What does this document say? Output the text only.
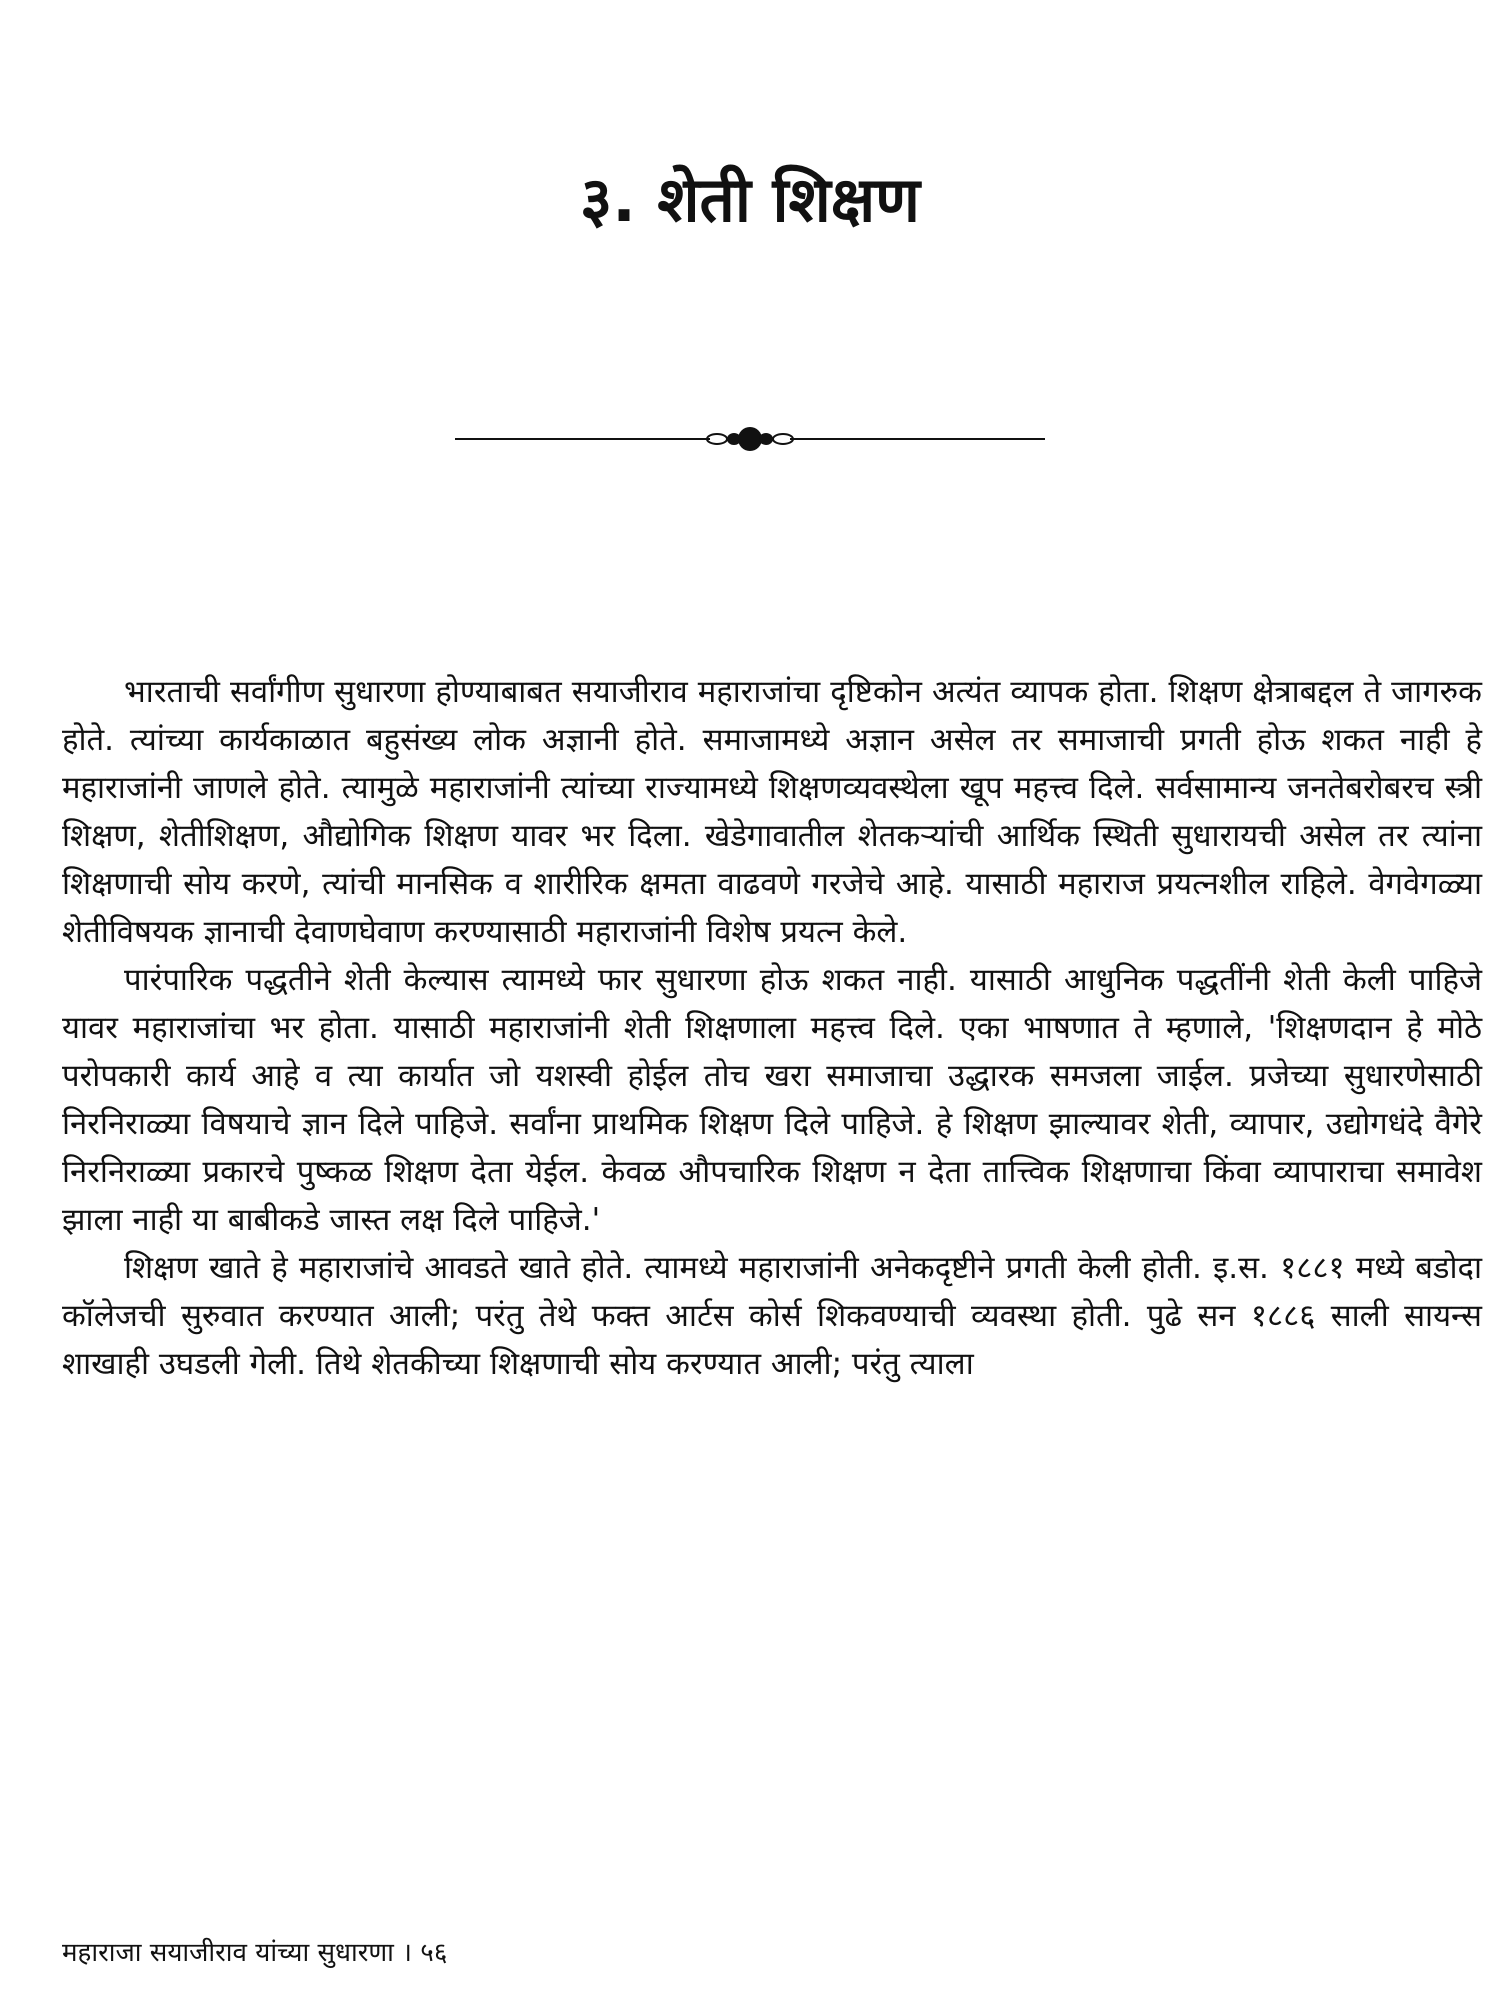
३. शेती शिक्षण

भारताची सर्वांगीण सुधारणा होण्याबाबत सयाजीराव महाराजांचा दृष्टिकोन अत्यंत व्यापक होता. शिक्षण क्षेत्राबद्दल ते जागरुक होते. त्यांच्या कार्यकाळात बहुसंख्य लोक अज्ञानी होते. समाजामध्ये अज्ञान असेल तर समाजाची प्रगती होऊ शकत नाही हे महाराजांनी जाणले होते. त्यामुळे महाराजांनी त्यांच्या राज्यामध्ये शिक्षणव्यवस्थेला खूप महत्त्व दिले. सर्वसामान्य जनतेबरोबरच स्त्री शिक्षण, शेतीशिक्षण, औद्योगिक शिक्षण यावर भर दिला. खेडेगावातील शेतकऱ्यांची आर्थिक स्थिती सुधारायची असेल तर त्यांना शिक्षणाची सोय करणे, त्यांची मानसिक व शारीरिक क्षमता वाढवणे गरजेचे आहे. यासाठी महाराज प्रयत्नशील राहिले. वेगवेगळ्या शेतीविषयक ज्ञानाची देवाणघेवाण करण्यासाठी महाराजांनी विशेष प्रयत्न केले.

पारंपारिक पद्धतीने शेती केल्यास त्यामध्ये फार सुधारणा होऊ शकत नाही. यासाठी आधुनिक पद्धतींनी शेती केली पाहिजे यावर महाराजांचा भर होता. यासाठी महाराजांनी शेती शिक्षणाला महत्त्व दिले. एका भाषणात ते म्हणाले, 'शिक्षणदान हे मोठे परोपकारी कार्य आहे व त्या कार्यात जो यशस्वी होईल तोच खरा समाजाचा उद्धारक समजला जाईल. प्रजेच्या सुधारणेसाठी निरनिराळ्या विषयाचे ज्ञान दिले पाहिजे. सर्वांना प्राथमिक शिक्षण दिले पाहिजे. हे शिक्षण झाल्यावर शेती, व्यापार, उद्योगधंदे वैगेरे निरनिराळ्या प्रकारचे पुष्कळ शिक्षण देता येईल. केवळ औपचारिक शिक्षण न देता तात्त्विक शिक्षणाचा किंवा व्यापाराचा समावेश झाला नाही या बाबीकडे जास्त लक्ष दिले पाहिजे.'

शिक्षण खाते हे महाराजांचे आवडते खाते होते. त्यामध्ये महाराजांनी अनेकदृष्टीने प्रगती केली होती. इ.स. १८८१ मध्ये बडोदा कॉलेजची सुरुवात करण्यात आली; परंतु तेथे फक्त आर्टस कोर्स शिकवण्याची व्यवस्था होती. पुढे सन १८८६ साली सायन्स शाखाही उघडली गेली. तिथे शेतकीच्या शिक्षणाची सोय करण्यात आली; परंतु त्याला

महाराजा सयाजीराव यांच्या सुधारणा । ५६
